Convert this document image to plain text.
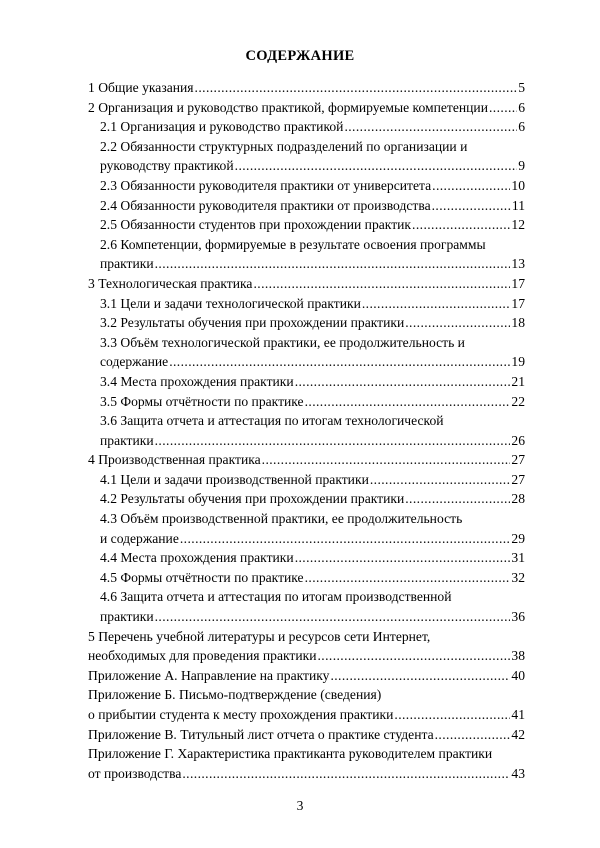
СОДЕРЖАНИЕ
1 Общие указания .....	5
2 Организация и руководство практикой, формируемые компетенции ..... 6
2.1 Организация и руководство практикой .....	6
2.2 Обязанности структурных подразделений по организации и
руководству практикой .....	9
2.3 Обязанности руководителя практики от университета .....	10
2.4 Обязанности руководителя практики от производства .....	11
2.5 Обязанности студентов при прохождении практик .....	12
2.6 Компетенции, формируемые в результате освоения программы
практики .....	13
3 Технологическая практика .....	17
3.1 Цели и задачи технологической практики .....	17
3.2 Результаты обучения при прохождении практики .....	18
3.3 Объём технологической практики, ее продолжительность и
содержание .....	19
3.4 Места прохождения практики .....	21
3.5 Формы отчётности по практике .....	22
3.6 Защита отчета и аттестация по итогам технологической
практики .....	26
4 Производственная практика .....	27
4.1 Цели и задачи производственной практики .....	27
4.2 Результаты обучения при прохождении практики .....	28
4.3 Объём производственной практики, ее продолжительность
и содержание .....	29
4.4 Места прохождения практики .....	31
4.5 Формы отчётности по практике .....	32
4.6 Защита отчета и аттестация по итогам производственной
практики .....	36
5 Перечень учебной литературы и ресурсов сети Интернет,
необходимых для проведения практики .....	38
Приложение А. Направление на практику .....	40
Приложение Б. Письмо-подтверждение (сведения)
о прибытии студента к месту прохождения практики .....	41
Приложение В. Титульный лист отчета о практике студента .....	42
Приложение Г. Характеристика практиканта руководителем практики
от производства .....	43
3
